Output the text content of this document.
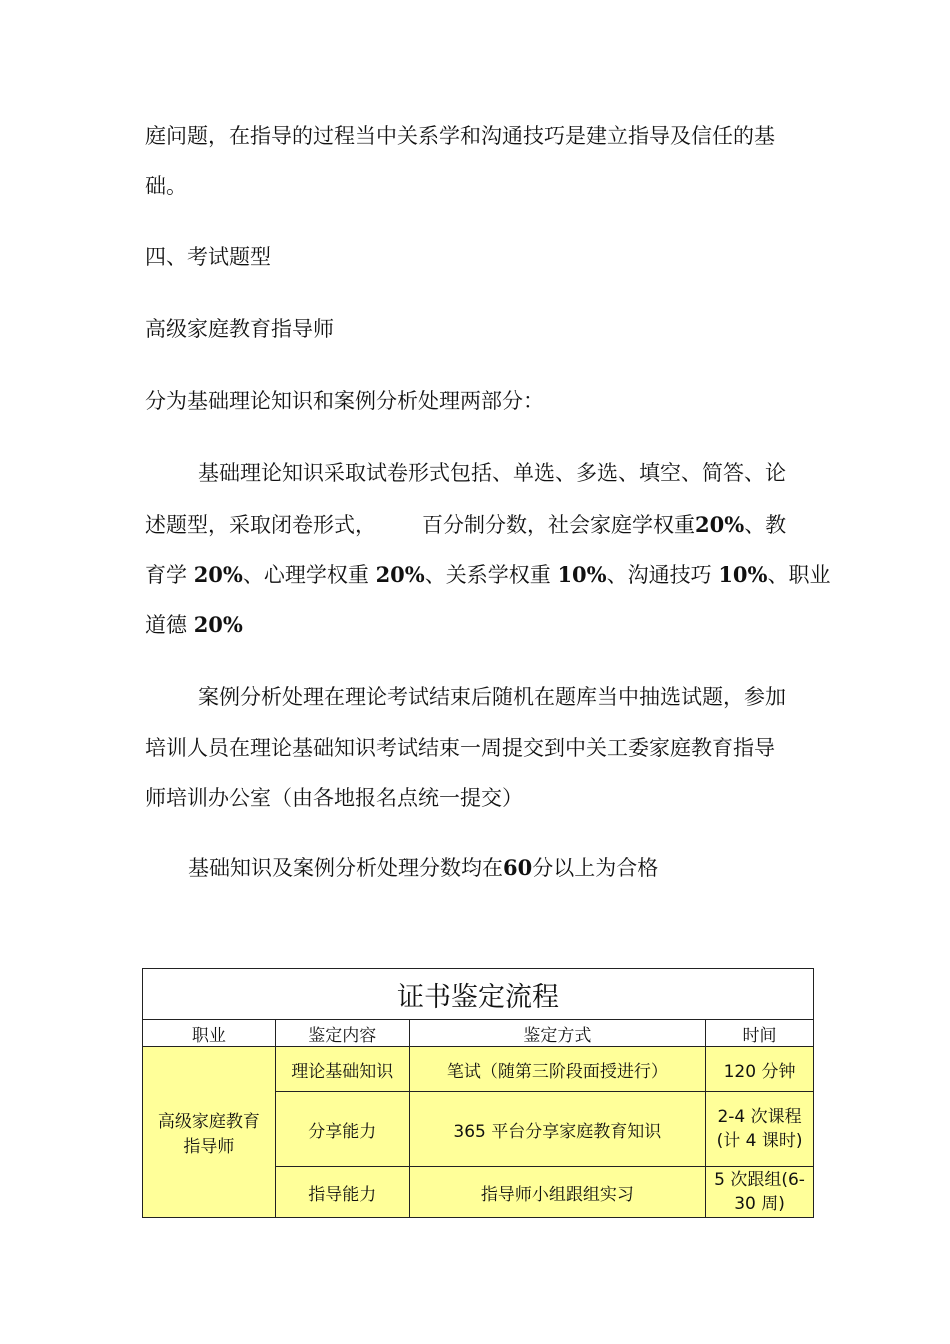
庭问题，在指导的过程当中关系学和沟通技巧是建立指导及信任的基
础。
四、考试题型
高级家庭教育指导师
分为基础理论知识和案例分析处理两部分：
基础理论知识采取试卷形式包括、单选、多选、填空、简答、论
述题型，采取闭卷形式， 百分制分数，社会家庭学权重20%、教
育学 20%、心理学权重 20%、关系学权重 10%、沟通技巧 10%、职业
道德 20%
案例分析处理在理论考试结束后随机在题库当中抽选试题，参加
培训人员在理论基础知识考试结束一周提交到中关工委家庭教育指导
师培训办公室（由各地报名点统一提交）
基础知识及案例分析处理分数均在60分以上为合格
证书鉴定流程			
职业	鉴定内容	鉴定方式	时间
高级家庭教育指导师	理论基础知识	笔试（随第三阶段面授进行）	120 分钟
	分享能力	365 平台分享家庭教育知识	2-4 次课程(计 4 课时)
	指导能力	指导师小组跟组实习	5 次跟组(6-30 周)
